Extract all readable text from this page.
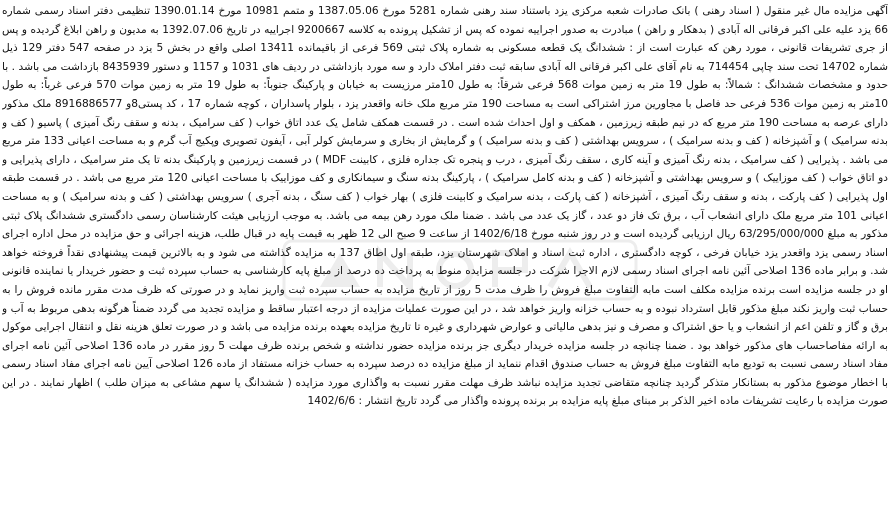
آگهی مزایده مال غیر منقول ( اسناد رهنی ) بانک صادرات شعبه مرکزی یزد باستناد سند رهنی شماره 5281 مورخ 1387.05.06 و متمم 10981 مورخ 1390.01.14 تنظیمی دفتر اسناد رسمی شماره 66 یزد علیه علی اکبر فرقانی اله آبادی ( بدهکار و راهن ) مبادرت به صدور اجراییه نموده که پس از تشکیل پرونده به کلاسه 9200667 اجراییه در تاریخ 1392.07.06 به مدیون و راهن ابلاغ گردیده و پس از جری تشریفات قانونی ، مورد رهن که عبارت است از : ششدانگ یک قطعه مسکونی به شماره پلاک ثبتی 569 فرعی از باقیمانده 13411 اصلی واقع در بخش 5 یزد در صفحه 547 دفتر 129 ذیل شماره 14702 تحت سند چاپی 714454 به نام آقای علی اکبر فرقانی اله آبادی سابقه ثبت دفتر املاک دارد و سه مورد بازداشتی در ردیف های 1031 و 1157 و دستور 8435939 بازداشت می باشد . با حدود و مشخصات ششدانگ : شمالاً: به طول 19 متر به زمین موات 568 فرعی شرقاً: به طول 10متر مرزیست به خیابان و پارکینگ جنوباً: به طول 19 متر به زمین موات 570 فرعی غرباً: به طول 10متر به زمین موات 536 فرعی حد فاصل با مجاورین مرز اشتراکی است به مساحت 190 متر مربع ملک خانه واقعدر یزد ، بلوار پاسداران ، کوچه شماره 17 ، کد پستی8و 8916886577 ملک مذکور دارای عرصه به مساحت 190 متر مربع که در نیم طبقه زیرزمین ، همکف و اول احداث شده است . در قسمت همکف شامل یک عدد اتاق خواب ( کف سرامیک ، بدنه و سقف رنگ آمیزی ) پاسیو ( کف و بدنه سرامیک ) و آشپزخانه ( کف و بدنه سرامیک ) ، سرویس بهداشتی ( کف و بدنه سرامیک ) و گرمایش از بخاری و سرمایش کولر آبی ، آیفون تصویری وپکیج آب گرم و به مساحت اعیانی 133 متر مربع می باشد . پذیرایی ( کف سرامیک ، بدنه رنگ آمیزی و آینه کاری ، سقف رنگ آمیزی ، درب و پنجره تک جداره فلزی ، کابینت MDF ) در قسمت زیرزمین و پارکینگ بدنه تا یک متر سرامیک ، دارای پذیرایی و دو اتاق خواب ( کف موزاییک ) و سرویس بهداشتی و آشپزخانه ( کف و بدنه کامل سرامیک ) ، پارکینگ بدنه سنگ و سیمانکاری و کف موزاییک با مساحت اعیانی 120 متر مربع می باشد . در قسمت طبقه اول پذیرایی ( کف پارکت ، بدنه و سقف رنگ آمیزی ، آشپزخانه ( کف پارکت ، بدنه سرامیک و کابینت فلزی ) بهار خواب ( کف سنگ ، بدنه آجری ) سرویس بهداشتی ( کف و بدنه سرامیک ) و به مساحت اعیانی 101 متر مربع ملک دارای انشعاب آب ، برق تک فاز دو عدد ، گاز یک عدد می باشد . ضمنا ملک مورد رهن بیمه می باشد. به موجب ارزیابی هیئت کارشناسان رسمی دادگستری ششدانگ پلاک ثبتی مذکور به مبلغ 63/295/000/000 ریال ارزیابی گردیده است و در روز شنبه مورخ 1402/6/18 از ساعت 9 صبح الی 12 ظهر به قیمت پایه در قبال طلب، هزینه اجرائی و حق مزایده در محل اداره اجرای اسناد رسمی یزد واقعدر یزد خیابان فرخی ، کوچه دادگستری ، اداره ثبت اسناد و املاک شهرستان یزد، طبقه اول اطاق 137 به مزایده گذاشته می شود و به بالاترین قیمت پیشنهادی نقداً فروخته خواهد شد. و برابر ماده 136 اصلاحی آئین نامه اجرای اسناد رسمی لازم الاجرا شرکت در جلسه مزایده منوط به پرداخت ده درصد از مبلغ پایه کارشناسی به حساب سپرده ثبت و حضور خریدار یا نماینده قانونی او در جلسه مزایده است برنده مزایده مکلف است مابه التفاوت مبلغ فروش را ظرف مدت 5 روز از تاریخ مزایده به حساب سپرده ثبت واریز نماید و در صورتی که ظرف مدت مقرر مانده فروش را به حساب ثبت واریز نکند مبلغ مذکور قابل استرداد نبوده و به حساب خزانه واریز خواهد شد ، در این صورت عملیات مزایده از درجه اعتبار ساقط و مزایده تجدید می گردد ضمناً هرگونه بدهی مربوط به آب و برق و گاز و تلفن اعم از انشعاب و یا حق اشتراک و مصرف و نیز بدهی مالیاتی و عوارض شهرداری و غیره تا تاریخ مزایده بعهده برنده مزایده می باشد و در صورت تعلق هزینه نقل و انتقال اجرایی موکول به ارائه مفاصاحساب های مذکور خواهد بود . ضمنا چنانچه در جلسه مزایده خریدار دیگری جز برنده مزایده حضور نداشته و شخص برنده ظرف مهلت 5 روز مقرر در ماده 136 اصلاحی آئین نامه اجرای مفاد اسناد رسمی نسبت به تودیع مابه التفاوت مبلغ فروش به حساب صندوق اقدام ننماید از مبلغ مزایده ده درصد سپرده به حساب خزانه مستفاد از ماده 126 اصلاحی آیین نامه اجرای مفاد اسناد رسمی با اخطار موضوع مذکور به بستانکار متذکر گردید چنانچه متقاضی تجدید مزایده نباشد ظرف مهلت مقرر نسبت به واگذاری مورد مزایده ( ششدانگ یا سهم مشاعی به میزان طلب ) اظهار نمایند . در این صورت مزایده با رعایت تشریفات ماده اخیر الذکر بر مبنای مبلغ پایه مزایده بر برنده پرونده واگذار می گردد تاریخ انتشار : 1402/6/6
